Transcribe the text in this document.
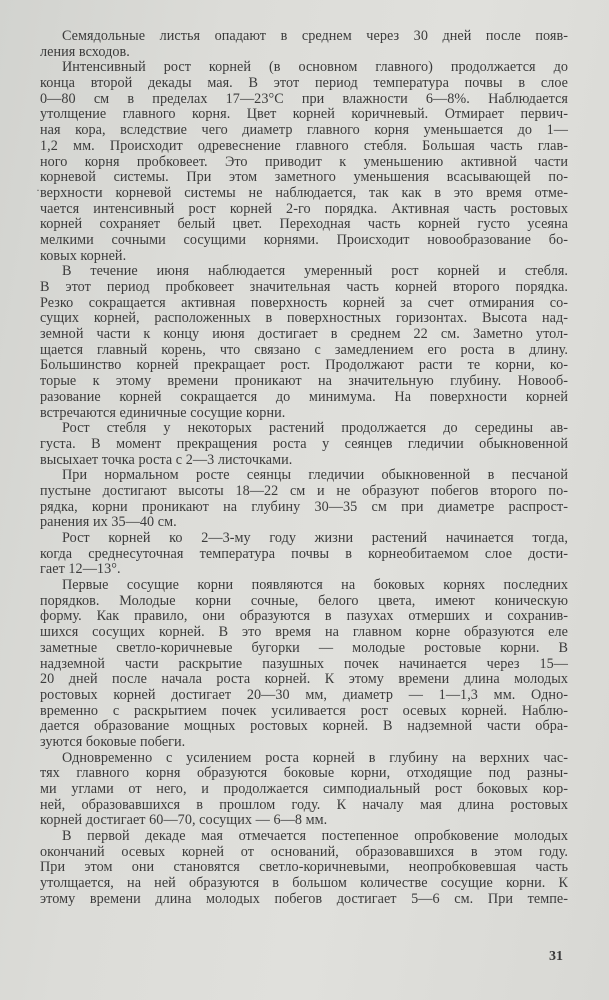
·
Семядольные листья опадают в среднем через 30 дней после появ-
ления всходов.
Интенсивный рост корней (в основном главного) продолжается до
конца второй декады мая. В этот период температура почвы в слое
0—80 см в пределах 17—23°С при влажности 6—8%. Наблюдается
утолщение главного корня. Цвет корней коричневый. Отмирает первич-
ная кора, вследствие чего диаметр главного корня уменьшается до 1—
1,2 мм. Происходит одревеснение главного стебля. Большая часть глав-
ного корня пробковеет. Это приводит к уменьшению активной части
корневой системы. При этом заметного уменьшения всасывающей по-
верхности корневой системы не наблюдается, так как в это время отме-
чается интенсивный рост корней 2-го порядка. Активная часть ростовых
корней сохраняет белый цвет. Переходная часть корней густо усеяна
мелкими сочными сосущими корнями. Происходит новообразование бо-
ковых корней.
В течение июня наблюдается умеренный рост корней и стебля.
В этот период пробковеет значительная часть корней второго порядка.
Резко сокращается активная поверхность корней за счет отмирания со-
сущих корней, расположенных в поверхностных горизонтах. Высота над-
земной части к концу июня достигает в среднем 22 см. Заметно утол-
щается главный корень, что связано с замедлением его роста в длину.
Большинство корней прекращает рост. Продолжают расти те корни, ко-
торые к этому времени проникают на значительную глубину. Новооб-
разование корней сокращается до минимума. На поверхности корней
встречаются единичные сосущие корни.
Рост стебля у некоторых растений продолжается до середины ав-
густа. В момент прекращения роста у сеянцев гледичии обыкновенной
высыхает точка роста с 2—3 листочками.
При нормальном росте сеянцы гледичии обыкновенной в песчаной
пустыне достигают высоты 18—22 см и не образуют побегов второго по-
рядка, корни проникают на глубину 30—35 см при диаметре распрост-
ранения их 35—40 см.
Рост корней ко 2—3-му году жизни растений начинается тогда,
когда среднесуточная температура почвы в корнеобитаемом слое дости-
гает 12—13°.
Первые сосущие корни появляются на боковых корнях последних
порядков. Молодые корни сочные, белого цвета, имеют коническую
форму. Как правило, они образуются в пазухах отмерших и сохранив-
шихся сосущих корней. В это время на главном корне образуются еле
заметные светло-коричневые бугорки — молодые ростовые корни. В
надземной части раскрытие пазушных почек начинается через 15—
20 дней после начала роста корней. К этому времени длина молодых
ростовых корней достигает 20—30 мм, диаметр — 1—1,3 мм. Одно-
временно с раскрытием почек усиливается рост осевых корней. Наблю-
дается образование мощных ростовых корней. В надземной части обра-
зуются боковые побеги.
Одновременно с усилением роста корней в глубину на верхних час-
тях главного корня образуются боковые корни, отходящие под разны-
ми углами от него, и продолжается симподиальный рост боковых кор-
ней, образовавшихся в прошлом году. К началу мая длина ростовых
корней достигает 60—70, сосущих — 6—8 мм.
В первой декаде мая отмечается постепенное опробковение молодых
окончаний осевых корней от оснований, образовавшихся в этом году.
При этом они становятся светло-коричневыми, неопробковевшая часть
утолщается, на ней образуются в большом количестве сосущие корни. К
этому времени длина молодых побегов достигает 5—6 см. При темпе-
31
